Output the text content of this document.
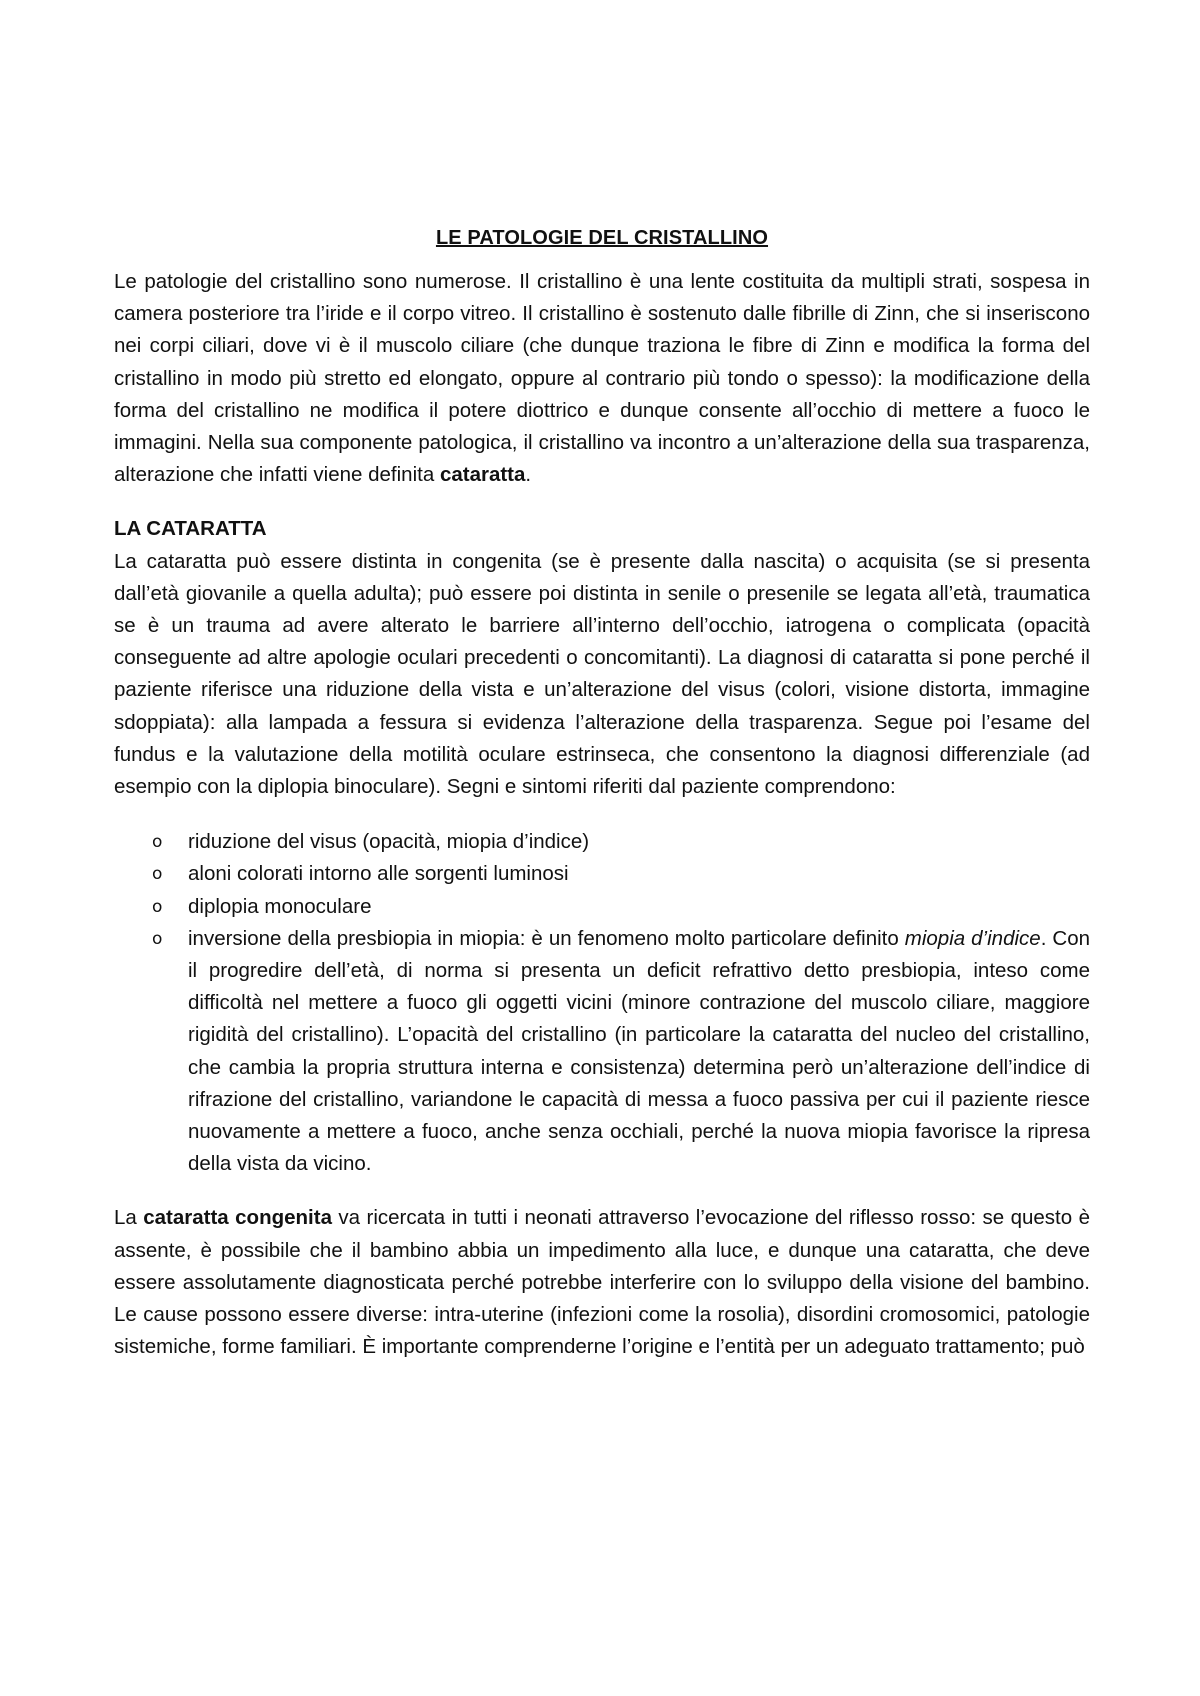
LE PATOLOGIE DEL CRISTALLINO

Le patologie del cristallino sono numerose. Il cristallino è una lente costituita da multipli strati, sospesa in camera posteriore tra l’iride e il corpo vitreo. Il cristallino è sostenuto dalle fibrille di Zinn, che si inseriscono nei corpi ciliari, dove vi è il muscolo ciliare (che dunque traziona le fibre di Zinn e modifica la forma del cristallino in modo più stretto ed elongato, oppure al contrario più tondo o spesso): la modificazione della forma del cristallino ne modifica il potere diottrico e dunque consente all’occhio di mettere a fuoco le immagini. Nella sua componente patologica, il cristallino va incontro a un’alterazione della sua trasparenza, alterazione che infatti viene definita cataratta.

LA CATARATTA

La cataratta può essere distinta in congenita (se è presente dalla nascita) o acquisita (se si presenta dall’età giovanile a quella adulta); può essere poi distinta in senile o presenile se legata all’età, traumatica se è un trauma ad avere alterato le barriere all’interno dell’occhio, iatrogena o complicata (opacità conseguente ad altre apologie oculari precedenti o concomitanti). La diagnosi di cataratta si pone perché il paziente riferisce una riduzione della vista e un’alterazione del visus (colori, visione distorta, immagine sdoppiata): alla lampada a fessura si evidenza l’alterazione della trasparenza. Segue poi l’esame del fundus e la valutazione della motilità oculare estrinseca, che consentono la diagnosi differenziale (ad esempio con la diplopia binoculare). Segni e sintomi riferiti dal paziente comprendono:

o riduzione del visus (opacità, miopia d’indice)
o aloni colorati intorno alle sorgenti luminosi
o diplopia monoculare
o inversione della presbiopia in miopia: è un fenomeno molto particolare definito miopia d’indice. Con il progredire dell’età, di norma si presenta un deficit refrattivo detto presbiopia, inteso come difficoltà nel mettere a fuoco gli oggetti vicini (minore contrazione del muscolo ciliare, maggiore rigidità del cristallino). L’opacità del cristallino (in particolare la cataratta del nucleo del cristallino, che cambia la propria struttura interna e consistenza) determina però un’alterazione dell’indice di rifrazione del cristallino, variandone le capacità di messa a fuoco passiva per cui il paziente riesce nuovamente a mettere a fuoco, anche senza occhiali, perché la nuova miopia favorisce la ripresa della vista da vicino.

La cataratta congenita va ricercata in tutti i neonati attraverso l’evocazione del riflesso rosso: se questo è assente, è possibile che il bambino abbia un impedimento alla luce, e dunque una cataratta, che deve essere assolutamente diagnosticata perché potrebbe interferire con lo sviluppo della visione del bambino. Le cause possono essere diverse: intra-uterine (infezioni come la rosolia), disordini cromosomici, patologie sistemiche, forme familiari. È importante comprenderne l’origine e l’entità per un adeguato trattamento; può
